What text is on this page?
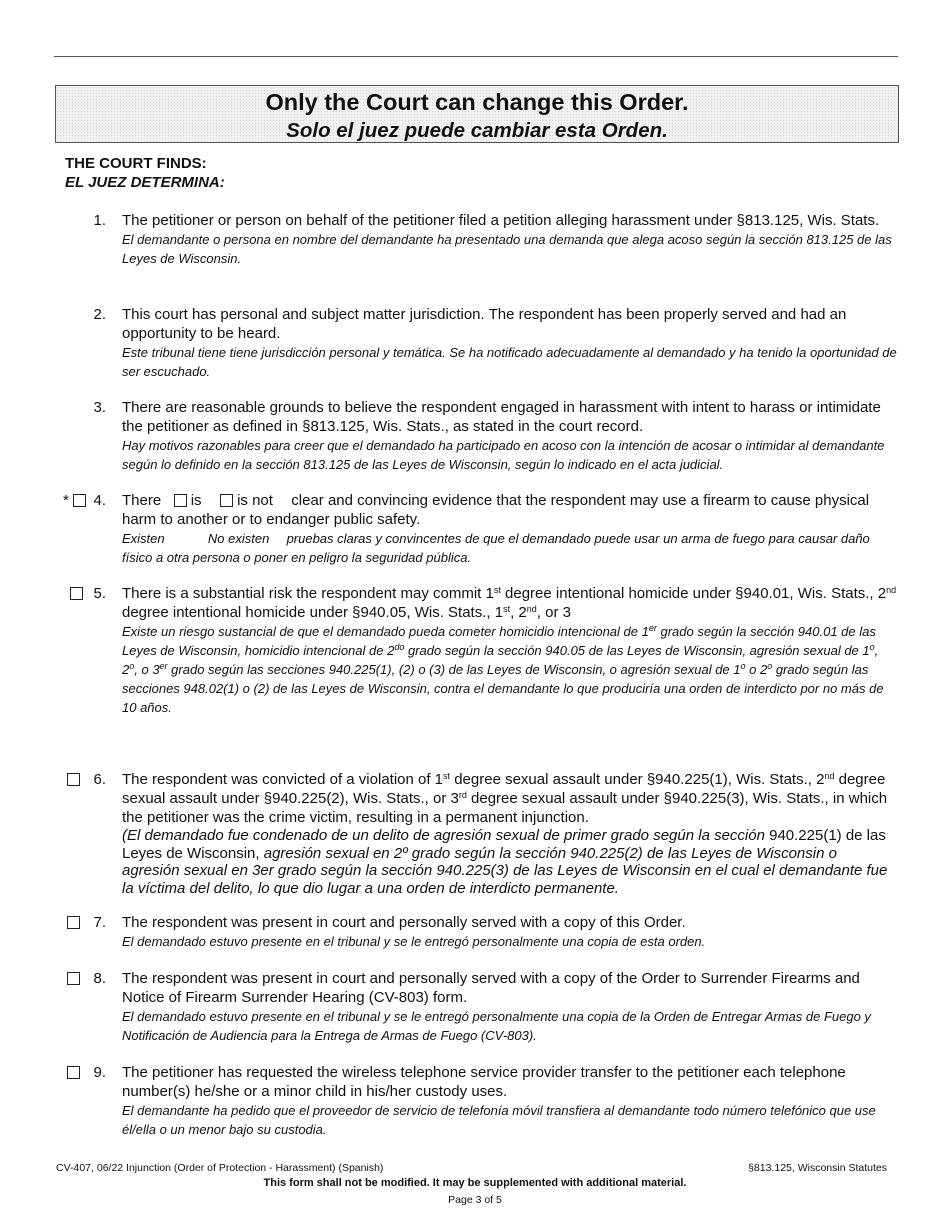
Only the Court can change this Order.
Solo el juez puede cambiar esta Orden.
THE COURT FINDS:
EL JUEZ DETERMINA:
1. The petitioner or person on behalf of the petitioner filed a petition alleging harassment under §813.125, Wis. Stats.

El demandante o persona en nombre del demandante ha presentado una demanda que alega acoso según la sección 813.125 de las Leyes de Wisconsin.

2. This court has personal and subject matter jurisdiction. The respondent has been properly served and had an opportunity to be heard.

Este tribunal tiene tiene jurisdicción personal y temática. Se ha notificado adecuadamente al demandado y ha tenido la oportunidad de ser escuchado.

3. There are reasonable grounds to believe the respondent engaged in harassment with intent to harass or intimidate the petitioner as defined in §813.125, Wis. Stats., as stated in the court record.

Hay motivos razonables para creer que el demandado ha participado en acoso con la intención de acosar o intimidar al demandante según lo definido en la sección 813.125 de las Leyes de Wisconsin, según lo indicado en el acta judicial.

*	4. There is is not clear and convincing evidence that the respondent may use a firearm to cause physical harm to another or to endanger public safety.

Existen	No existen pruebas claras y convincentes de que el demandado puede usar un arma de fuego para causar daño físico a otra persona o poner en peligro la seguridad pública.

5. There is a substantial risk the respondent may commit 1st degree intentional homicide under §940.01, Wis. Stats., 2nd degree intentional homicide under §940.05, Wis. Stats., 1st, 2nd, or 3

Existe un riesgo sustancial de que el demandado pueda cometer homicidio intencional de 1er grado según la sección 940.01 de las Leyes de Wisconsin, homicidio intencional de $2^{do}$ grado según la sección 940.05 de las Leyes de Wisconsin, agresión sexual de 1$^o$, 2$^o$, o 3er grado según las secciones 940.225(1), (2) o (3) de las Leyes de Wisconsin, o agresión sexual de 1$^o$ o 2$^o$ grado según las secciones 948.02(1) o (2) de las Leyes de Wisconsin, contra el demandante lo que produciría una orden de interdicto por no más de 10 años.

6. The respondent was convicted of a violation of 1st degree sexual assault under §940.225(1), Wis. Stats., 2nd degree sexual assault under §940.225(2), Wis. Stats., or 3rd degree sexual assault under §940.225(3), Wis. Stats., in which the petitioner was the crime victim, resulting in a permanent injunction.

(El demandado fue condenado de un delito de agresión sexual de primer grado según la sección 940.225(1) de las Leyes de Wisconsin, agresión sexual en 2º grado según la sección 940.225(2) de las Leyes de Wisconsin o agresión sexual en 3er grado según la sección 940.225(3) de las Leyes de Wisconsin en el cual el demandante fue la víctima del delito, lo que dio lugar a una orden de interdicto permanente.

7. The respondent was present in court and personally served with a copy of this Order.

El demandado estuvo presente en el tribunal y se le entregó personalmente una copia de esta orden.

8. The respondent was present in court and personally served with a copy of the Order to Surrender Firearms and Notice of Firearm Surrender Hearing (CV-803) form.

El demandado estuvo presente en el tribunal y se le entregó personalmente una copia de la Orden de Entregar Armas de Fuego y Notificación de Audiencia para la Entrega de Armas de Fuego (CV-803).

9. The petitioner has requested the wireless telephone service provider transfer to the petitioner each telephone number(s) he/she or a minor child in his/her custody uses.

El demandante ha pedido que el proveedor de servicio de telefonía móvil transfiera al demandante todo número telefónico que use él/ella o un menor bajo su custodia.

CV-407, 06/22 Injunction (Order of Protection - Harassment) (Spanish)	§813.125, Wisconsin Statutes
This form shall not be modified. It may be supplemented with additional material.
Page 3 of 5
